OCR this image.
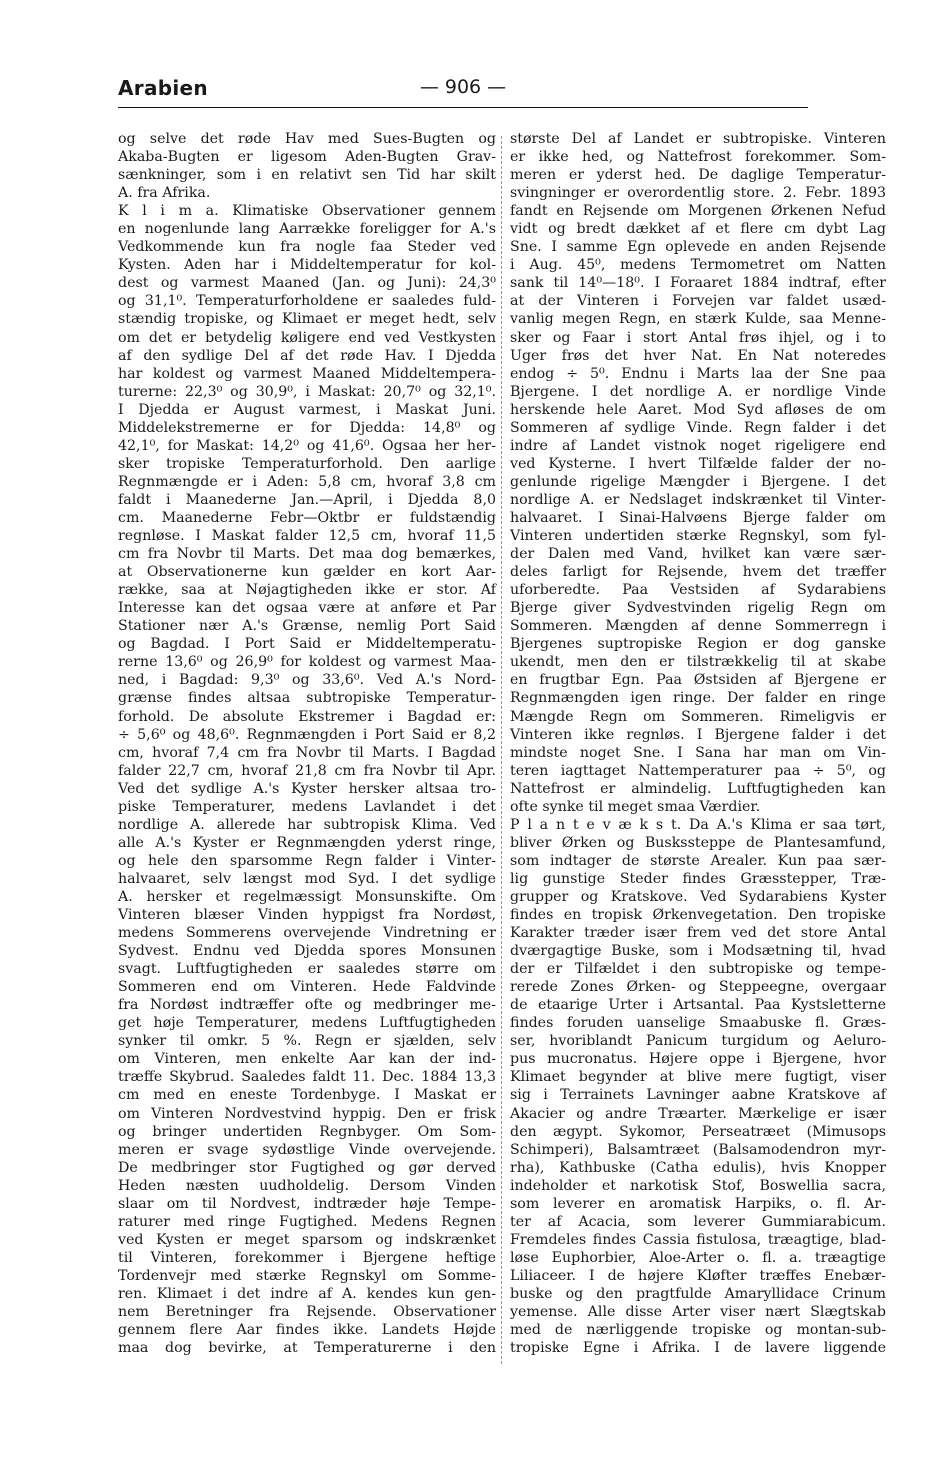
Arabien	— 906 —
og selve det røde Hav med Sues-Bugten og
Akaba-Bugten er ligesom Aden-Bugten Grav-
sænkninger, som i en relativt sen Tid har skilt
A. fra Afrika.
K l i m a. Klimatiske Observationer gennem
en nogenlunde lang Aarrække foreligger for A.'s
Vedkommende kun fra nogle faa Steder ved
Kysten. Aden har i Middeltemperatur for kol-
dest og varmest Maaned (Jan. og Juni): 24,3⁰
og 31,1⁰. Temperaturforholdene er saaledes fuld-
stændig tropiske, og Klimaet er meget hedt, selv
om det er betydelig køligere end ved Vestkysten
af den sydlige Del af det røde Hav. I Djedda
har koldest og varmest Maaned Middeltempera-
turerne: 22,3⁰ og 30,9⁰, i Maskat: 20,7⁰ og 32,1⁰.
I Djedda er August varmest, i Maskat Juni.
Middelekstremerne er for Djedda: 14,8⁰ og
42,1⁰, for Maskat: 14,2⁰ og 41,6⁰. Ogsaa her her-
sker tropiske Temperaturforhold. Den aarlige
Regnmængde er i Aden: 5,8 cm, hvoraf 3,8 cm
faldt i Maanederne Jan.—April, i Djedda 8,0
cm. Maanederne Febr—Oktbr er fuldstændig
regnløse. I Maskat falder 12,5 cm, hvoraf 11,5
cm fra Novbr til Marts. Det maa dog bemærkes,
at Observationerne kun gælder en kort Aar-
række, saa at Nøjagtigheden ikke er stor. Af
Interesse kan det ogsaa være at anføre et Par
Stationer nær A.'s Grænse, nemlig Port Said
og Bagdad. I Port Said er Middeltemperatu-
rerne 13,6⁰ og 26,9⁰ for koldest og varmest Maa-
ned, i Bagdad: 9,3⁰ og 33,6⁰. Ved A.'s Nord-
grænse findes altsaa subtropiske Temperatur-
forhold. De absolute Ekstremer i Bagdad er:
÷ 5,6⁰ og 48,6⁰. Regnmængden i Port Said er 8,2
cm, hvoraf 7,4 cm fra Novbr til Marts. I Bagdad
falder 22,7 cm, hvoraf 21,8 cm fra Novbr til Apr.
Ved det sydlige A.'s Kyster hersker altsaa tro-
piske Temperaturer, medens Lavlandet i det
nordlige A. allerede har subtropisk Klima. Ved
alle A.'s Kyster er Regnmængden yderst ringe,
og hele den sparsomme Regn falder i Vinter-
halvaaret, selv længst mod Syd. I det sydlige
A. hersker et regelmæssigt Monsunskifte. Om
Vinteren blæser Vinden hyppigst fra Nordøst,
medens Sommerens overvejende Vindretning er
Sydvest. Endnu ved Djedda spores Monsunen
svagt. Luftfugtigheden er saaledes større om
Sommeren end om Vinteren. Hede Faldvinde
fra Nordøst indtræffer ofte og medbringer me-
get høje Temperaturer, medens Luftfugtigheden
synker til omkr. 5 %. Regn er sjælden, selv
om Vinteren, men enkelte Aar kan der ind-
træffe Skybrud. Saaledes faldt 11. Dec. 1884 13,3
cm med en eneste Tordenbyge. I Maskat er
om Vinteren Nordvestvind hyppig. Den er frisk
og bringer undertiden Regnbyger. Om Som-
meren er svage sydøstlige Vinde overvejende.
De medbringer stor Fugtighed og gør derved
Heden næsten uudholdelig. Dersom Vinden
slaar om til Nordvest, indtræder høje Tempe-
raturer med ringe Fugtighed. Medens Regnen
ved Kysten er meget sparsom og indskrænket
til Vinteren, forekommer i Bjergene heftige
Tordenvejr med stærke Regnskyl om Somme-
ren. Klimaet i det indre af A. kendes kun gen-
nem Beretninger fra Rejsende. Observationer
gennem flere Aar findes ikke. Landets Højde
maa dog bevirke, at Temperaturerne i den
største Del af Landet er subtropiske. Vinteren
er ikke hed, og Nattefrost forekommer. Som-
meren er yderst hed. De daglige Temperatur-
svingninger er overordentlig store. 2. Febr. 1893
fandt en Rejsende om Morgenen Ørkenen Nefud
vidt og bredt dækket af et flere cm dybt Lag
Sne. I samme Egn oplevede en anden Rejsende
i Aug. 45⁰, medens Termometret om Natten
sank til 14⁰—18⁰. I Foraaret 1884 indtraf, efter
at der Vinteren i Forvejen var faldet usæd-
vanlig megen Regn, en stærk Kulde, saa Menne-
sker og Faar i stort Antal frøs ihjel, og i to
Uger frøs det hver Nat. En Nat noteredes
endog ÷ 5⁰. Endnu i Marts laa der Sne paa
Bjergene. I det nordlige A. er nordlige Vinde
herskende hele Aaret. Mod Syd afløses de om
Sommeren af sydlige Vinde. Regn falder i det
indre af Landet vistnok noget rigeligere end
ved Kysterne. I hvert Tilfælde falder der no-
genlunde rigelige Mængder i Bjergene. I det
nordlige A. er Nedslaget indskrænket til Vinter-
halvaaret. I Sinai-Halvøens Bjerge falder om
Vinteren undertiden stærke Regnskyl, som fyl-
der Dalen med Vand, hvilket kan være sær-
deles farligt for Rejsende, hvem det træffer
uforberedte. Paa Vestsiden af Sydarabiens
Bjerge giver Sydvestvinden rigelig Regn om
Sommeren. Mængden af denne Sommerregn i
Bjergenes suptropiske Region er dog ganske
ukendt, men den er tilstrækkelig til at skabe
en frugtbar Egn. Paa Østsiden af Bjergene er
Regnmængden igen ringe. Der falder en ringe
Mængde Regn om Sommeren. Rimeligvis er
Vinteren ikke regnløs. I Bjergene falder i det
mindste noget Sne. I Sana har man om Vin-
teren iagttaget Nattemperaturer paa ÷ 5⁰, og
Nattefrost er almindelig. Luftfugtigheden kan
ofte synke til meget smaa Værdier.
P l a n t e v æ k s t. Da A.'s Klima er saa tørt,
bliver Ørken og Buskssteppe de Plantesamfund,
som indtager de største Arealer. Kun paa sær-
lig gunstige Steder findes Græsstepper, Træ-
grupper og Kratskove. Ved Sydarabiens Kyster
findes en tropisk Ørkenvegetation. Den tropiske
Karakter træder især frem ved det store Antal
dværgagtige Buske, som i Modsætning til, hvad
der er Tilfældet i den subtropiske og tempe-
rerede Zones Ørken- og Steppeegne, overgaar
de etaarige Urter i Artsantal. Paa Kystsletterne
findes foruden uanselige Smaabuske fl. Græs-
ser, hvoriblandt Panicum turgidum og Aeluro-
pus mucronatus. Højere oppe i Bjergene, hvor
Klimaet begynder at blive mere fugtigt, viser
sig i Terrainets Lavninger aabne Kratskove af
Akacier og andre Træarter. Mærkelige er især
den ægypt. Sykomor, Perseatræet (Mimusops
Schimperi), Balsamtræet (Balsamodendron myr-
rha), Kathbuske (Catha edulis), hvis Knopper
indeholder et narkotisk Stof, Boswellia sacra,
som leverer en aromatisk Harpiks, o. fl. Ar-
ter af Acacia, som leverer Gummiarabicum.
Fremdeles findes Cassia fistulosa, træagtige, blad-
løse Euphorbier, Aloe-Arter o. fl. a. træagtige
Liliaceer. I de højere Kløfter træffes Enebær-
buske og den pragtfulde Amaryllidace Crinum
yemense. Alle disse Arter viser nært Slægtskab
med de nærliggende tropiske og montan-sub-
tropiske Egne i Afrika. I de lavere liggende
